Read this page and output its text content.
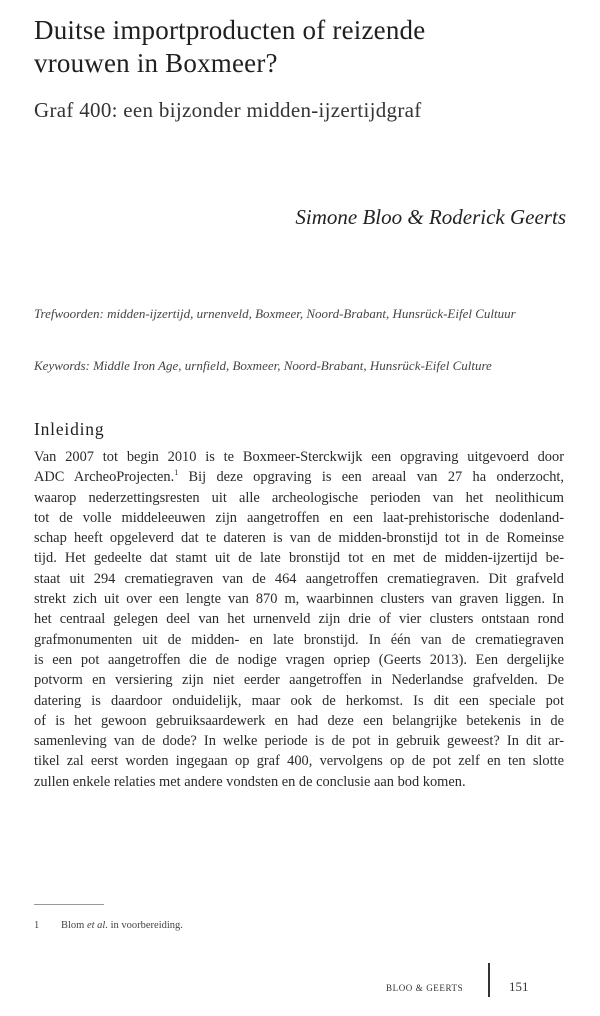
Duitse importproducten of reizende
vrouwen in Boxmeer?
Graf 400: een bijzonder midden-ijzertijdgraf
Simone Bloo & Roderick Geerts
Trefwoorden: midden-ijzertijd, urnenveld, Boxmeer, Noord-Brabant, Hunsrück-Eifel Cultuur
Keywords: Middle Iron Age, urnfield, Boxmeer, Noord-Brabant, Hunsrück-Eifel Culture
Inleiding
Van 2007 tot begin 2010 is te Boxmeer-Sterckwijk een opgraving uitgevoerd door
ADC ArcheoProjecten.$^1$ Bij deze opgraving is een areaal van 27 ha onderzocht,
waarop nederzettingsresten uit alle archeologische perioden van het neolithicum
tot de volle middeleeuwen zijn aangetroffen en een laat-prehistorische dodenland-
schap heeft opgeleverd dat te dateren is van de midden-bronstijd tot in de Romeinse
tijd. Het gedeelte dat stamt uit de late bronstijd tot en met de midden-ijzertijd be-
staat uit 294 crematiegraven van de 464 aangetroffen crematiegraven. Dit grafveld
strekt zich uit over een lengte van 870 m, waarbinnen clusters van graven liggen. In
het centraal gelegen deel van het urnenveld zijn drie of vier clusters ontstaan rond
grafmonumenten uit de midden- en late bronstijd. In één van de crematiegraven
is een pot aangetroffen die de nodige vragen opriep (Geerts 2013). Een dergelijke
potvorm en versiering zijn niet eerder aangetroffen in Nederlandse grafvelden. De
datering is daardoor onduidelijk, maar ook de herkomst. Is dit een speciale pot
of is het gewoon gebruiksaardewerk en had deze een belangrijke betekenis in de
samenleving van de dode? In welke periode is de pot in gebruik geweest? In dit ar-
tikel zal eerst worden ingegaan op graf 400, vervolgens op de pot zelf en ten slotte
zullen enkele relaties met andere vondsten en de conclusie aan bod komen.
1 Blom et al. in voorbereiding.
BLOO & GEERTS	151
